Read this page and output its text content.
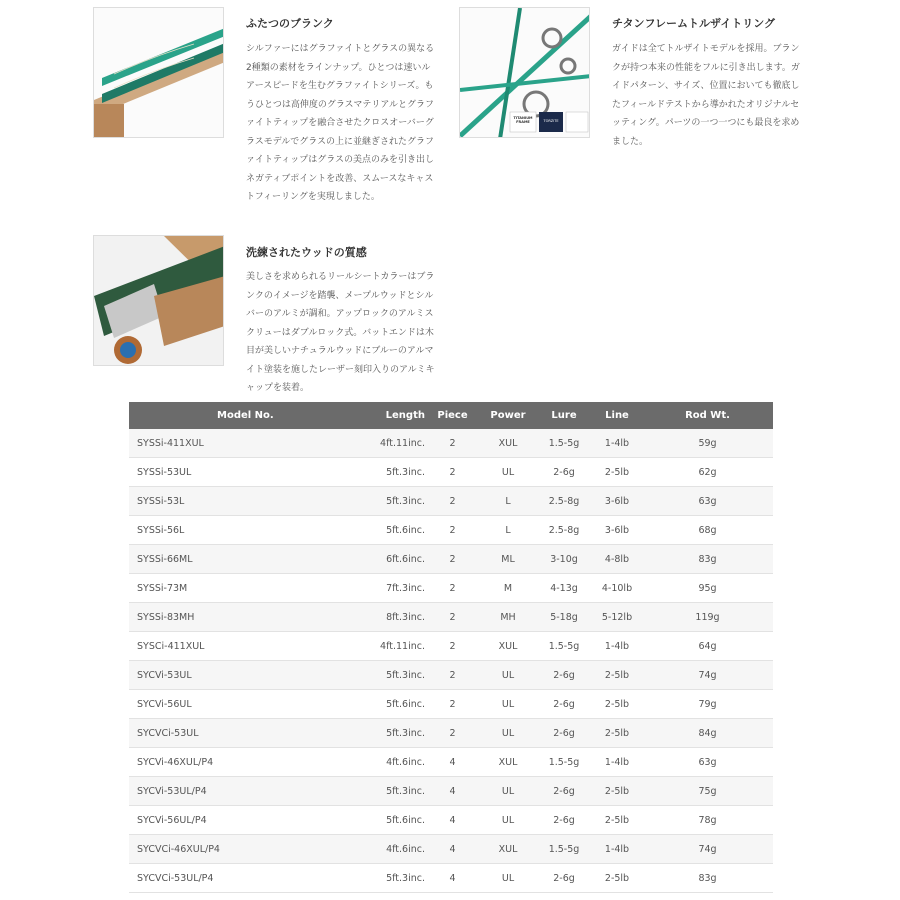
ふたつのブランク
シルファーにはグラファイトとグラスの異なる
2種類の素材をラインナップ。ひとつは速いル
アースピードを生むグラファイトシリーズ。も
うひとつは高伸度のグラスマテリアルとグラフ
ァイトティップを融合させたクロスオーバーグ
ラスモデルでグラスの上に並継ぎされたグラフ
ァイトティップはグラスの美点のみを引き出し
ネガティブポイントを改善、スムースなキャス
トフィーリングを実現しました。
TITANIUM FRAME	TORZITE
チタンフレームトルザイトリング
ガイドは全てトルザイトモデルを採用。ブラン
クが持つ本来の性能をフルに引き出します。ガ
イドパターン、サイズ、位置においても徹底し
たフィールドテストから導かれたオリジナルセ
ッティング。パーツの一つ一つにも最良を求め
ました。
洗練されたウッドの質感
美しさを求められるリールシートカラーはブラ
ンクのイメージを踏襲、メープルウッドとシル
バーのアルミが調和。アップロックのアルミス
クリューはダブルロック式。バットエンドは木
目が美しいナチュラルウッドにブルーのアルマ
イト塗装を施したレーザー刻印入りのアルミキ
ャップを装着。
	Model No.	Length	Piece	Power	Lure	Line	Rod Wt.
SYSSi-411XUL		4ft.11inc.	2	XUL	1.5-5g	1-4lb	59g
SYSSi-53UL		5ft.3inc.	2	UL	2-6g	2-5lb	62g
SYSSi-53L		5ft.3inc.	2	L	2.5-8g	3-6lb	63g
SYSSi-56L		5ft.6inc.	2	L	2.5-8g	3-6lb	68g
SYSSi-66ML		6ft.6inc.	2	ML	3-10g	4-8lb	83g
SYSSi-73M		7ft.3inc.	2	M	4-13g	4-10lb	95g
SYSSi-83MH		8ft.3inc.	2	MH	5-18g	5-12lb	119g
SYSCi-411XUL		4ft.11inc.	2	XUL	1.5-5g	1-4lb	64g
SYCVi-53UL		5ft.3inc.	2	UL	2-6g	2-5lb	74g
SYCVi-56UL		5ft.6inc.	2	UL	2-6g	2-5lb	79g
SYCVCi-53UL		5ft.3inc.	2	UL	2-6g	2-5lb	84g
SYCVi-46XUL/P4		4ft.6inc.	4	XUL	1.5-5g	1-4lb	63g
SYCVi-53UL/P4		5ft.3inc.	4	UL	2-6g	2-5lb	75g
SYCVi-56UL/P4		5ft.6inc.	4	UL	2-6g	2-5lb	78g
SYCVCi-46XUL/P4		4ft.6inc.	4	XUL	1.5-5g	1-4lb	74g
SYCVCi-53UL/P4		5ft.3inc.	4	UL	2-6g	2-5lb	83g
